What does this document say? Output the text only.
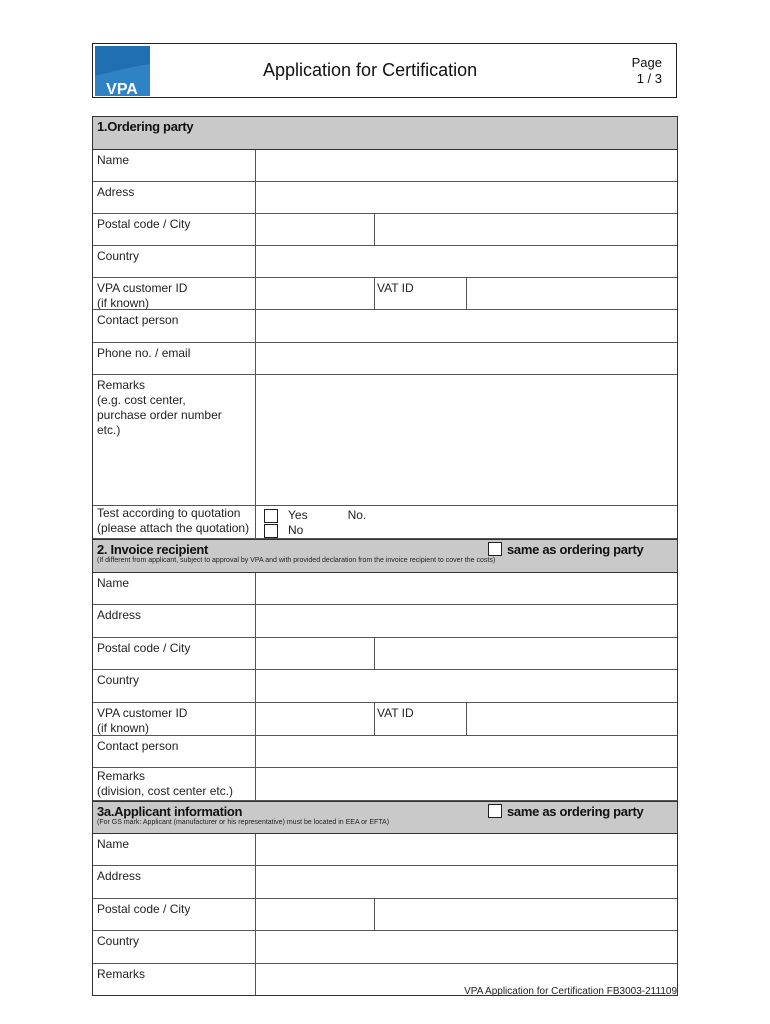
VPA
Application for Certification	Page
1 / 3
1.Ordering party
Name
Adress
Postal code / City
Country
VPA customer ID
(if known)
VAT ID
Contact person
Phone no. / email
Remarks
(e.g. cost center,
purchase order number
etc.)
Test according to quotation
(please attach the quotation)
Yes
No
No.
2. Invoice recipient
(If different from applicant, subject to approval by VPA and with provided declaration from the invoice recipient to cover the costs)
same as ordering party
Name
Address
Postal code / City
Country
VPA customer ID
(if known)
VAT ID
Contact person
Remarks
(division, cost center etc.)
3a.Applicant information
(For GS mark: Applicant (manufacturer or his representative) must be located in EEA or EFTA)
same as ordering party
Name
Address
Postal code / City
Country
Remarks
VPA Application for Certification FB3003-211109
